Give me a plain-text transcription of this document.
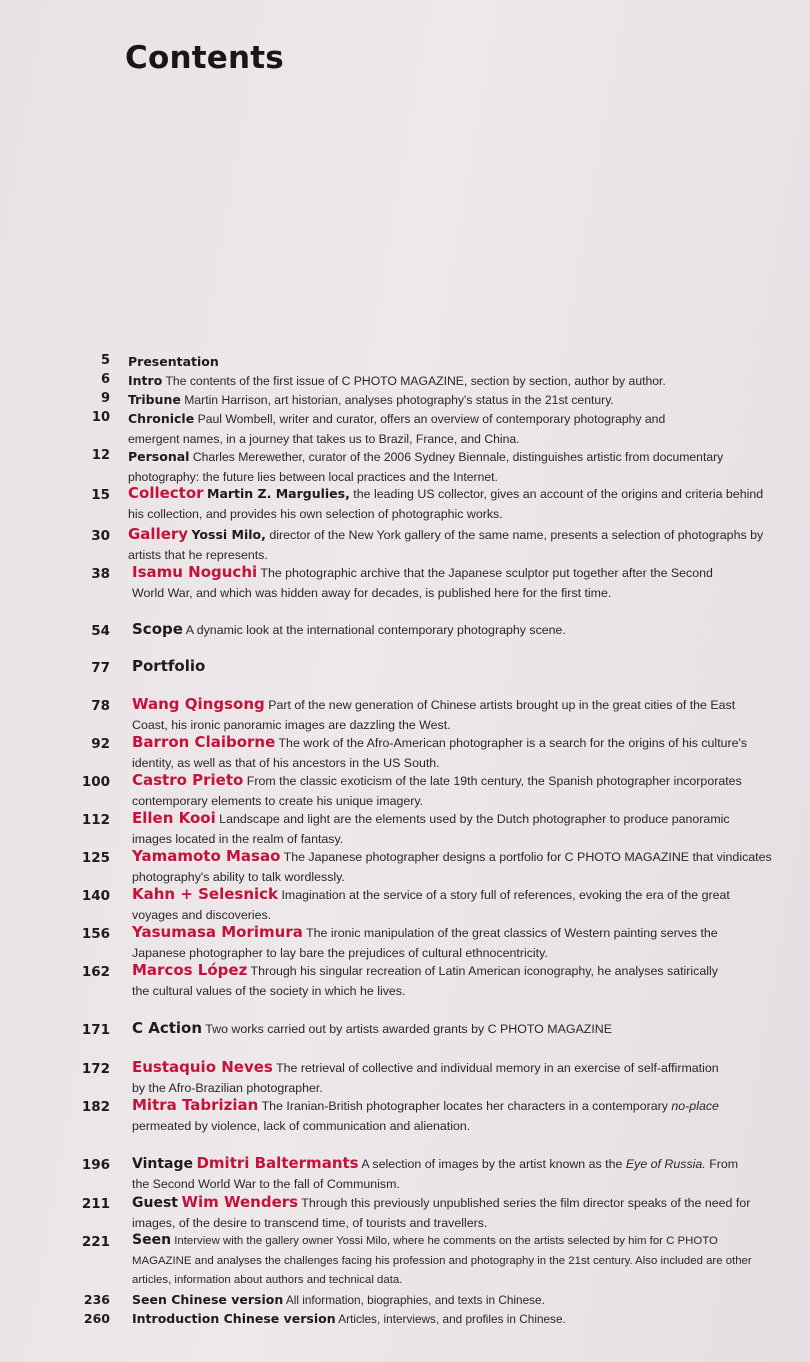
Contents
5 Presentation
6 Intro The contents of the first issue of C PHOTO MAGAZINE, section by section, author by author.
9 Tribune Martin Harrison, art historian, analyses photography's status in the 21st century.
10 Chronicle Paul Wombell, writer and curator, offers an overview of contemporary photography and emergent names, in a journey that takes us to Brazil, France, and China.
12 Personal Charles Merewether, curator of the 2006 Sydney Biennale, distinguishes artistic from documentary photography: the future lies between local practices and the Internet.
15 Collector Martin Z. Margulies, the leading US collector, gives an account of the origins and criteria behind his collection, and provides his own selection of photographic works.
30 Gallery Yossi Milo, director of the New York gallery of the same name, presents a selection of photographs by artists that he represents.
38 Isamu Noguchi The photographic archive that the Japanese sculptor put together after the Second World War, and which was hidden away for decades, is published here for the first time.
54 Scope A dynamic look at the international contemporary photography scene.
77 Portfolio
78 Wang Qingsong Part of the new generation of Chinese artists brought up in the great cities of the East Coast, his ironic panoramic images are dazzling the West.
92 Barron Claiborne The work of the Afro-American photographer is a search for the origins of his culture's identity, as well as that of his ancestors in the US South.
100 Castro Prieto From the classic exoticism of the late 19th century, the Spanish photographer incorporates contemporary elements to create his unique imagery.
112 Ellen Kooi Landscape and light are the elements used by the Dutch photographer to produce panoramic images located in the realm of fantasy.
125 Yamamoto Masao The Japanese photographer designs a portfolio for C PHOTO MAGAZINE that vindicates photography's ability to talk wordlessly.
140 Kahn + Selesnick Imagination at the service of a story full of references, evoking the era of the great voyages and discoveries.
156 Yasumasa Morimura The ironic manipulation of the great classics of Western painting serves the Japanese photographer to lay bare the prejudices of cultural ethnocentricity.
162 Marcos López Through his singular recreation of Latin American iconography, he analyses satirically the cultural values of the society in which he lives.
171 C Action Two works carried out by artists awarded grants by C PHOTO MAGAZINE
172 Eustaquio Neves The retrieval of collective and individual memory in an exercise of self-affirmation by the Afro-Brazilian photographer.
182 Mitra Tabrizian The Iranian-British photographer locates her characters in a contemporary no-place permeated by violence, lack of communication and alienation.
196 Vintage Dmitri Baltermants A selection of images by the artist known as the Eye of Russia. From the Second World War to the fall of Communism.
211 Guest Wim Wenders Through this previously unpublished series the film director speaks of the need for images, of the desire to transcend time, of tourists and travellers.
221 Seen Interview with the gallery owner Yossi Milo, where he comments on the artists selected by him for C PHOTO MAGAZINE and analyses the challenges facing his profession and photography in the 21st century. Also included are other articles, information about authors and technical data.
236 Seen Chinese version All information, biographies, and texts in Chinese.
260 Introduction Chinese version Articles, interviews, and profiles in Chinese.
